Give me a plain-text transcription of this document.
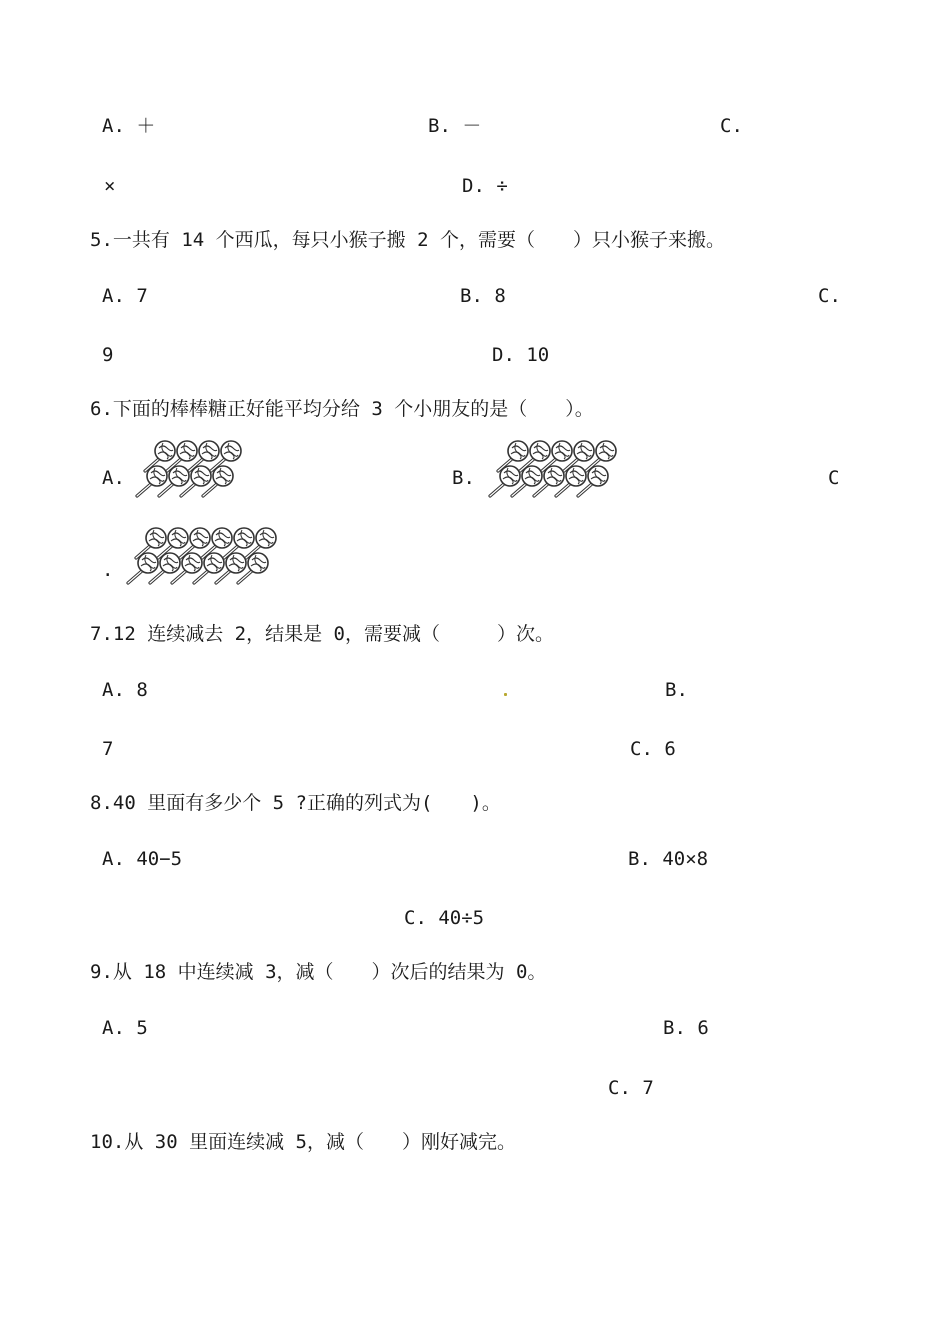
A. ＋	B. －	C.
×	D. ÷
5.一共有 14 个西瓜，每只小猴子搬 2 个，需要（　　）只小猴子来搬。
A. 7	B. 8	C.
9	D. 10
6.下面的棒棒糖正好能平均分给 3 个小朋友的是（　　）。
A.	B.	C
.
7.12 连续减去 2，结果是 0，需要减（　　　）次。
A. 8	B.
7	C. 6
8.40 里面有多少个 5 ?正确的列式为(　　)。
A. 40−5	B. 40×8
C. 40÷5
9.从 18 中连续减 3，减（　　）次后的结果为 0。
A. 5	B. 6
C. 7
10.从 30 里面连续减 5，减（　　）刚好减完。
